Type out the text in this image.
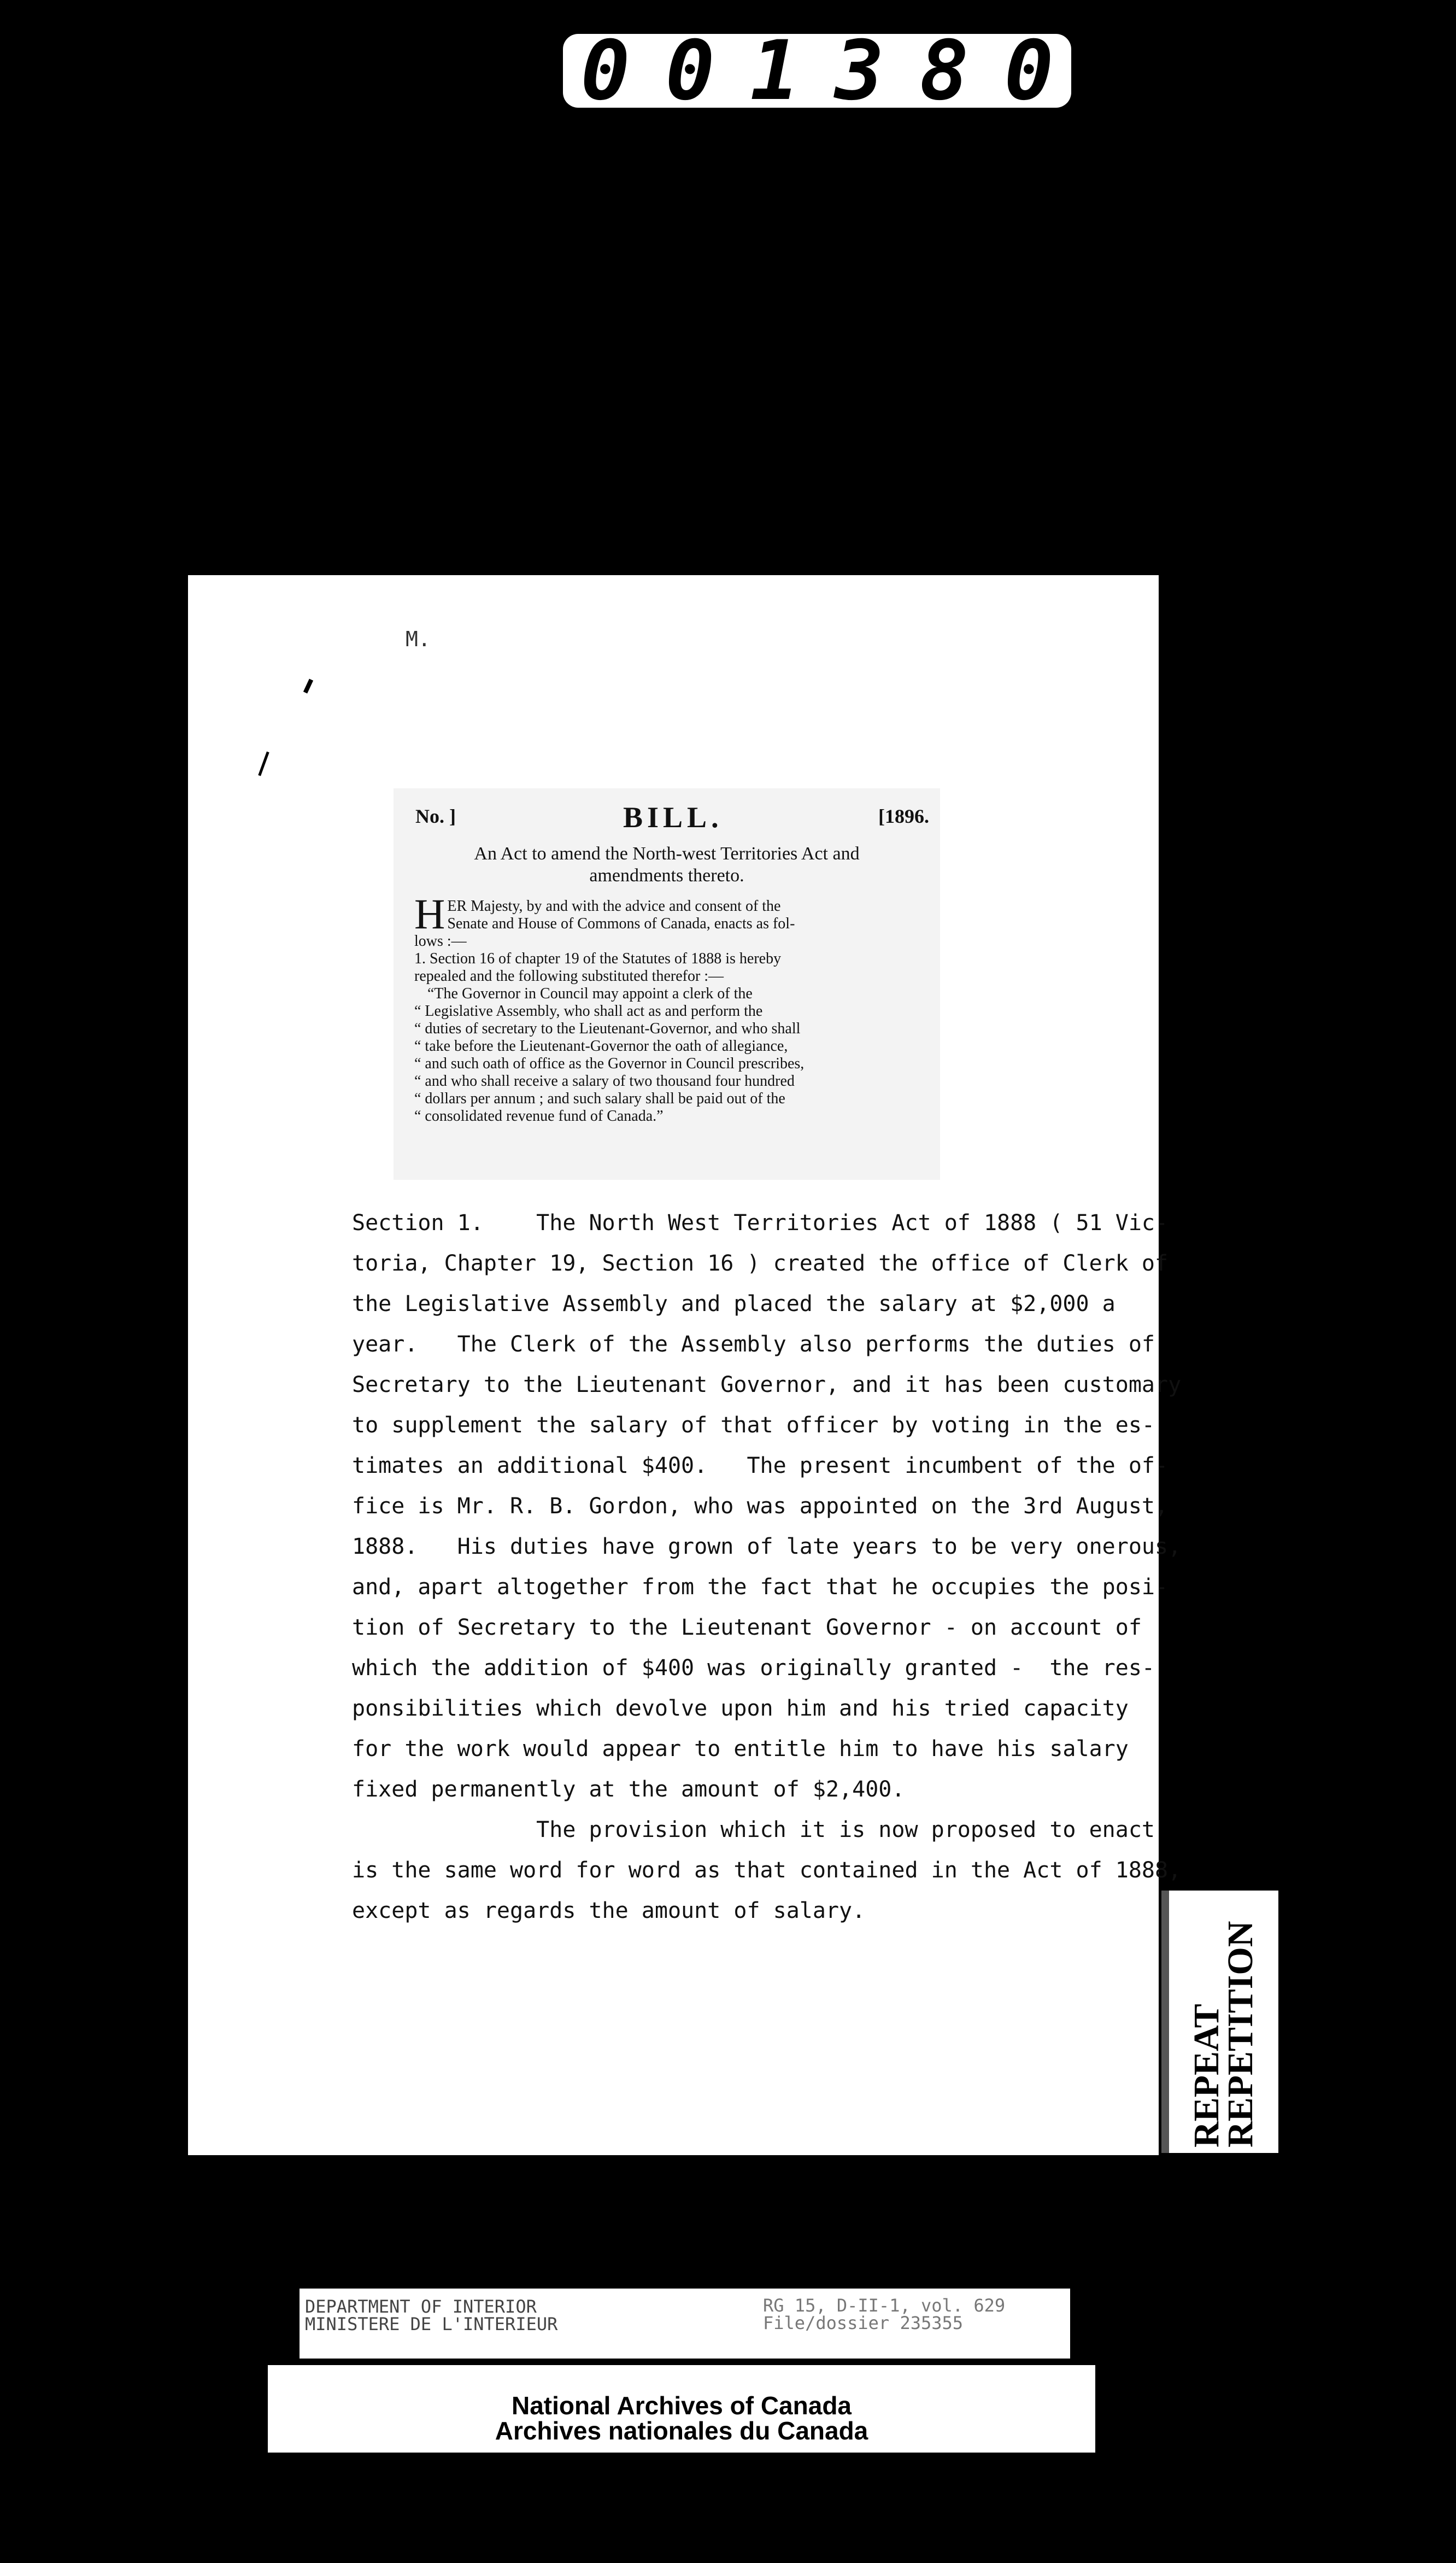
0 0 1 3 8 0
M.
No. ]	BILL.	[1896.
An Act to amend the North-west Territories Act and
amendments thereto.
H ER Majesty, by and with the advice and consent of the

Senate and House of Commons of Canada, enacts as fol-

lows :—

1. Section 16 of chapter 19 of the Statutes of 1888 is hereby

repealed and the following substituted therefor :—

“The Governor in Council may appoint a clerk of the

“ Legislative Assembly, who shall act as and perform the

“ duties of secretary to the Lieutenant-Governor, and who shall

“ take before the Lieutenant-Governor the oath of allegiance,

“ and such oath of office as the Governor in Council prescribes,

“ and who shall receive a salary of two thousand four hundred

“ dollars per annum ; and such salary shall be paid out of the

“ consolidated revenue fund of Canada.”

Section 1.    The North West Territories Act of 1888 ( 51 Vic-
toria, Chapter 19, Section 16 ) created the office of Clerk of
the Legislative Assembly and placed the salary at $2,000 a
year.   The Clerk of the Assembly also performs the duties of
Secretary to the Lieutenant Governor, and it has been customary
to supplement the salary of that officer by voting in the es-
timates an additional $400.   The present incumbent of the of-
fice is Mr. R. B. Gordon, who was appointed on the 3rd August,
1888.   His duties have grown of late years to be very onerous,
and, apart altogether from the fact that he occupies the posi-
tion of Secretary to the Lieutenant Governor - on account of
which the addition of $400 was originally granted -  the res-
ponsibilities which devolve upon him and his tried capacity
for the work would appear to entitle him to have his salary
fixed permanently at the amount of $2,400.
The provision which it is now proposed to enact
is the same word for word as that contained in the Act of 1888,
except as regards the amount of salary.
REPEAT
REPETITION
DEPARTMENT OF INTERIOR
MINISTERE DE L'INTERIEUR
RG 15, D-II-1, vol. 629
File/dossier 235355
National Archives of Canada
Archives nationales du Canada
